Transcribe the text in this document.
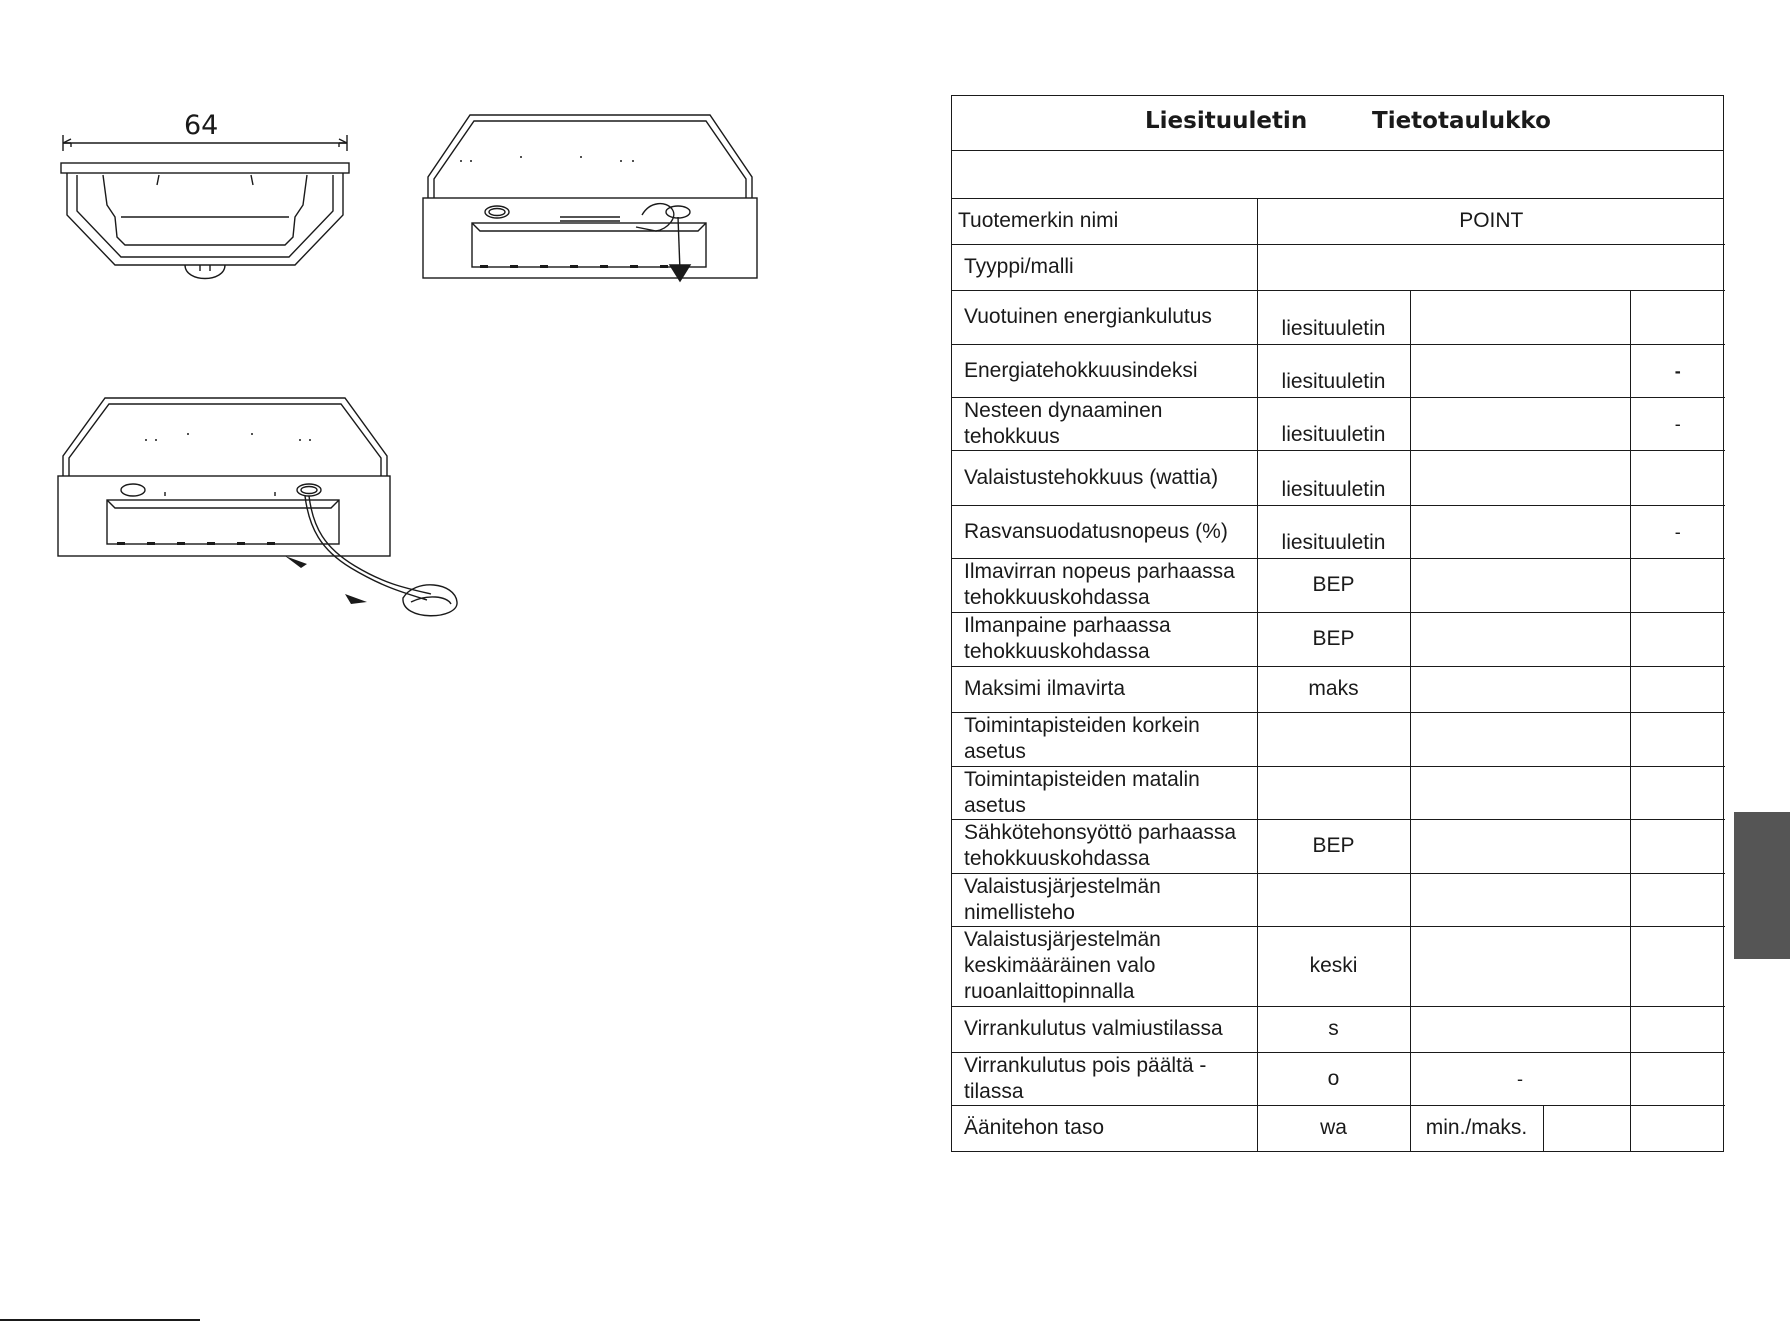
64	Liesituuletin	Tietotaulukko
Tuotemerkin nimi	POINT			
Tyyppi/malli				
Vuotuinen energiankulutus	liesituuletin			
Energiatehokkuusindeksi	liesituuletin			-
Nesteen dynaaminen tehokkuus	liesituuletin			-
Valaistustehokkuus (wattia)	liesituuletin			
Rasvansuodatusnopeus (%)	liesituuletin			-
Ilmavirran nopeus parhaassa tehokkuuskohdassa	BEP			
Ilmanpaine parhaassa tehokkuuskohdassa	BEP			
Maksimi ilmavirta	maks			
Toimintapisteiden korkein asetus				
Toimintapisteiden matalin asetus				
Sähkötehonsyöttö parhaassa tehokkuuskohdassa	BEP			
Valaistusjärjestelmän nimellisteho				
Valaistusjärjestelmän keskimääräinen valo ruoanlaittopinnalla	keski			
Virrankulutus valmiustilassa	s			
Virrankulutus pois päältä -tilassa	o	-		
Äänitehon taso	wa	min./maks.		
